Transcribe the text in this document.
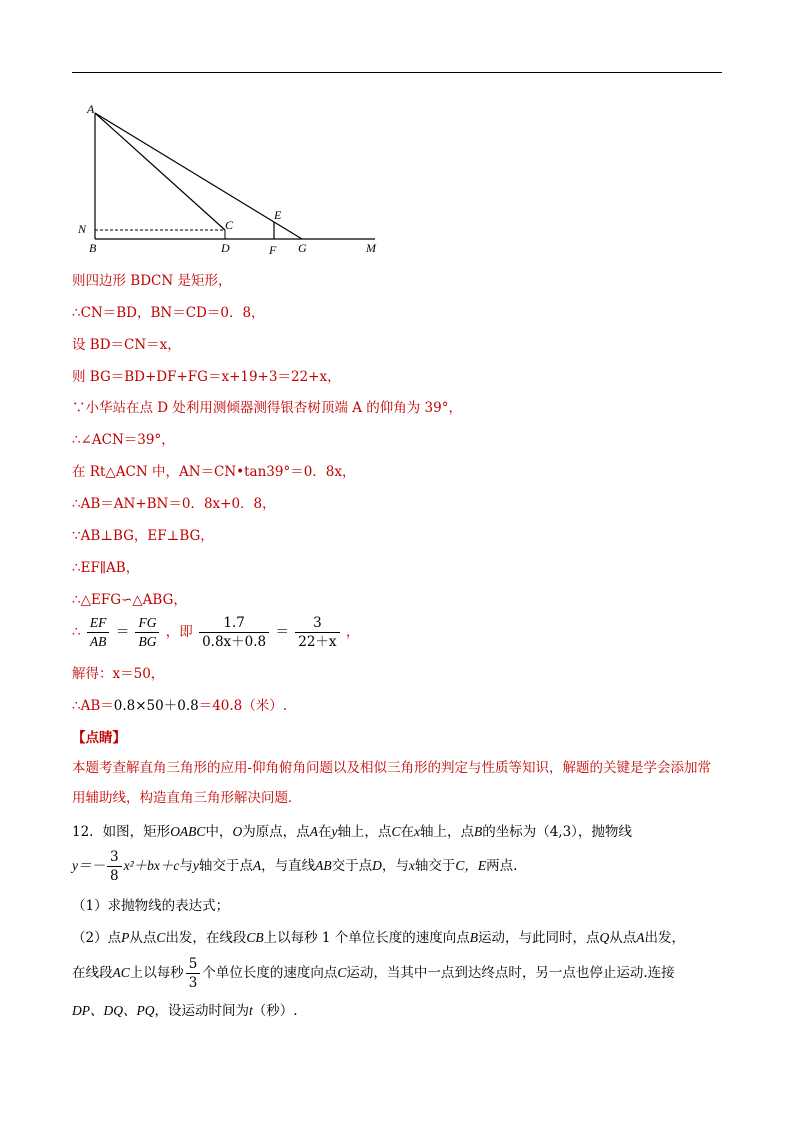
A
N
B
C
D
E
F G	M
则四边形 BDCN 是矩形，
∴CN＝BD，BN＝CD＝0．8，
设 BD＝CN＝x，
则 BG＝BD+DF+FG＝x+19+3＝22+x，
∵小华站在点 D 处利用测倾器测得银杏树顶端 A 的仰角为 39°，
∴∠ACN＝39°，
在 Rt△ACN 中，AN＝CN•tan39°＝0．8x，
∴AB＝AN+BN＝0．8x+0．8，
∵AB⊥BG，EF⊥BG，
∴EF∥AB，
∴△EFG∽△ABG，
∴ $\frac{EF}{AB} = \frac{FG}{BG}$ ，即 $\frac{1.7}{0.8x+0.8} = \frac{3}{22+x}$ ，
解得：x＝50，
∴AB＝0.8×50＋0.8＝40.8（米）.
【点睛】
本题考查解直角三角形的应用-仰角俯角问题以及相似三角形的判定与性质等知识，解题的关键是学会添加常用辅助线，构造直角三角形解决问题．
12．如图，矩形OABC中，O为原点，点A在y轴上，点C在x轴上，点B的坐标为（4,3），抛物线
$y=- \frac{3}{8} x^2+bx+c$与y轴交于点A，与直线AB交于点D，与x轴交于C，E两点.
（1）求抛物线的表达式；
（2）点P从点C出发，在线段CB上以每秒 1 个单位长度的速度向点B运动，与此同时，点Q从点A出发，
在线段AC上以每秒 $\frac{5}{3}$ 个单位长度的速度向点C运动，当其中一点到达终点时，另一点也停止运动.连接
DP、DQ、PQ，设运动时间为t（秒）.
